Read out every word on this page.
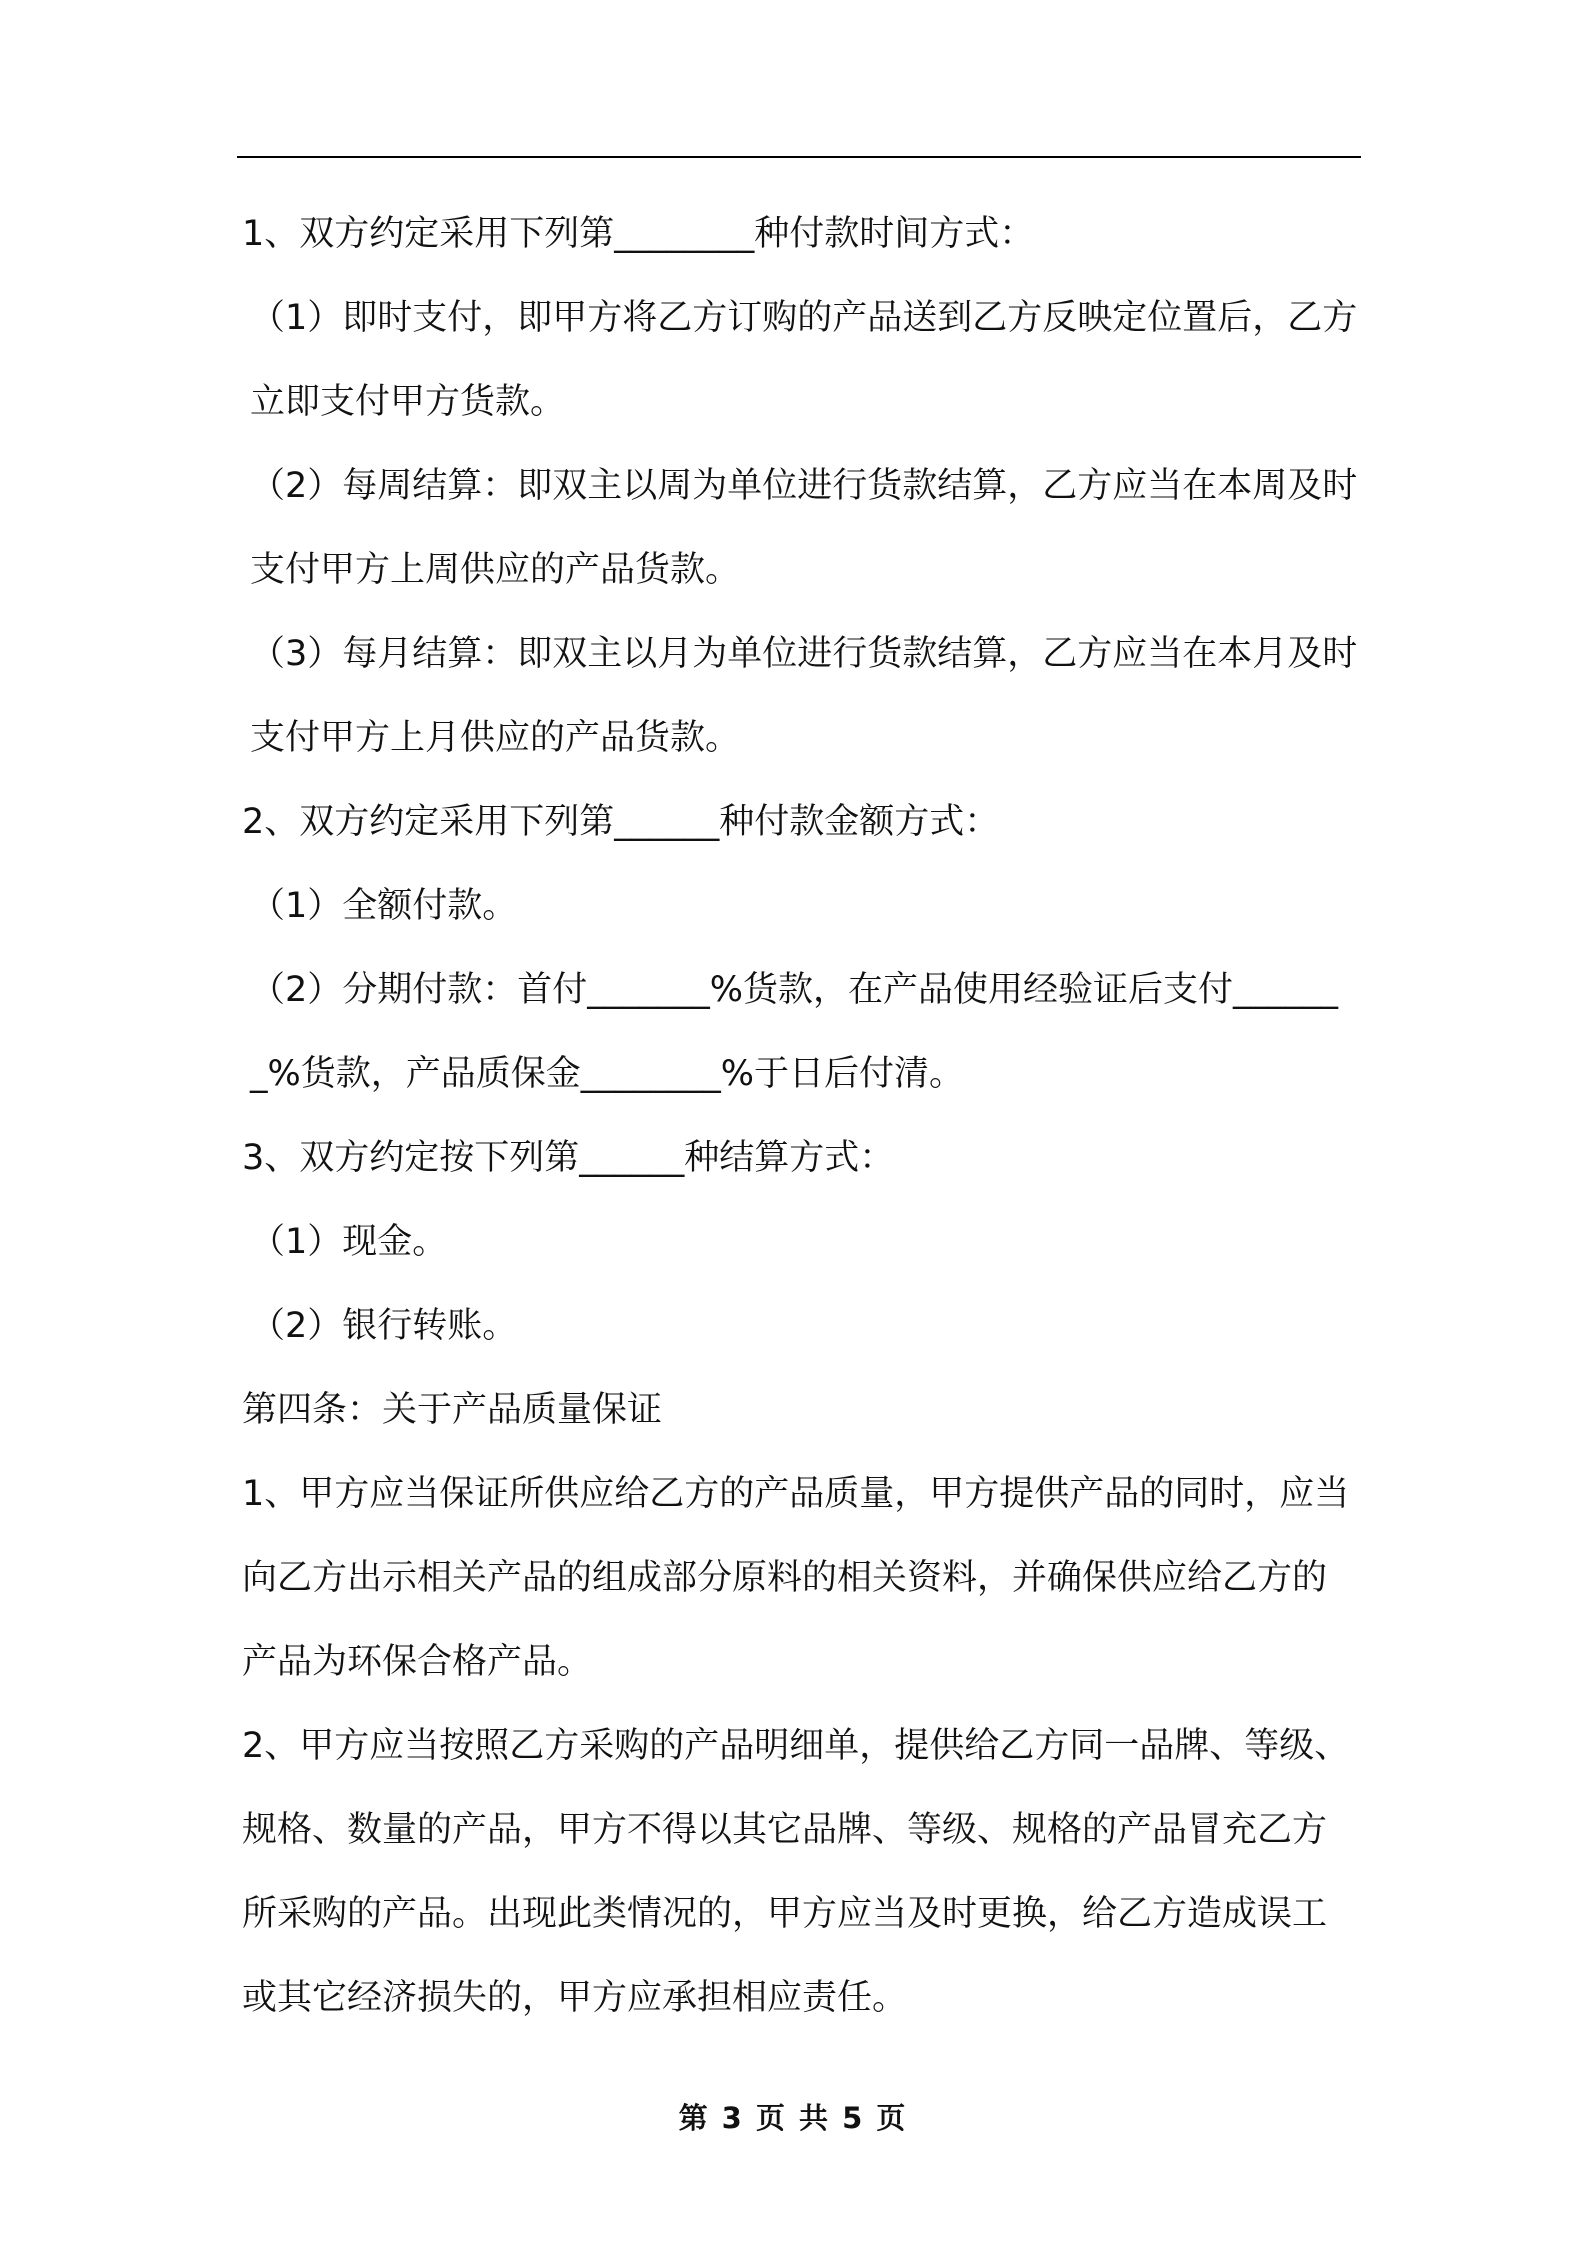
1、双方约定采用下列第________种付款时间方式：

（1）即时支付，即甲方将乙方订购的产品送到乙方反映定位置后，乙方立即支付甲方货款。

（2）每周结算：即双主以周为单位进行货款结算，乙方应当在本周及时支付甲方上周供应的产品货款。

（3）每月结算：即双主以月为单位进行货款结算，乙方应当在本月及时支付甲方上月供应的产品货款。

2、双方约定采用下列第______种付款金额方式：

（1）全额付款。

（2）分期付款：首付_______%货款，在产品使用经验证后支付_______%货款，产品质保金________%于日后付清。

3、双方约定按下列第______种结算方式：

（1）现金。

（2）银行转账。

第四条：关于产品质量保证

1、甲方应当保证所供应给乙方的产品质量，甲方提供产品的同时，应当向乙方出示相关产品的组成部分原料的相关资料，并确保供应给乙方的产品为环保合格产品。

2、甲方应当按照乙方采购的产品明细单，提供给乙方同一品牌、等级、规格、数量的产品，甲方不得以其它品牌、等级、规格的产品冒充乙方所采购的产品。出现此类情况的，甲方应当及时更换，给乙方造成误工或其它经济损失的，甲方应承担相应责任。

第 3 页 共 5 页
